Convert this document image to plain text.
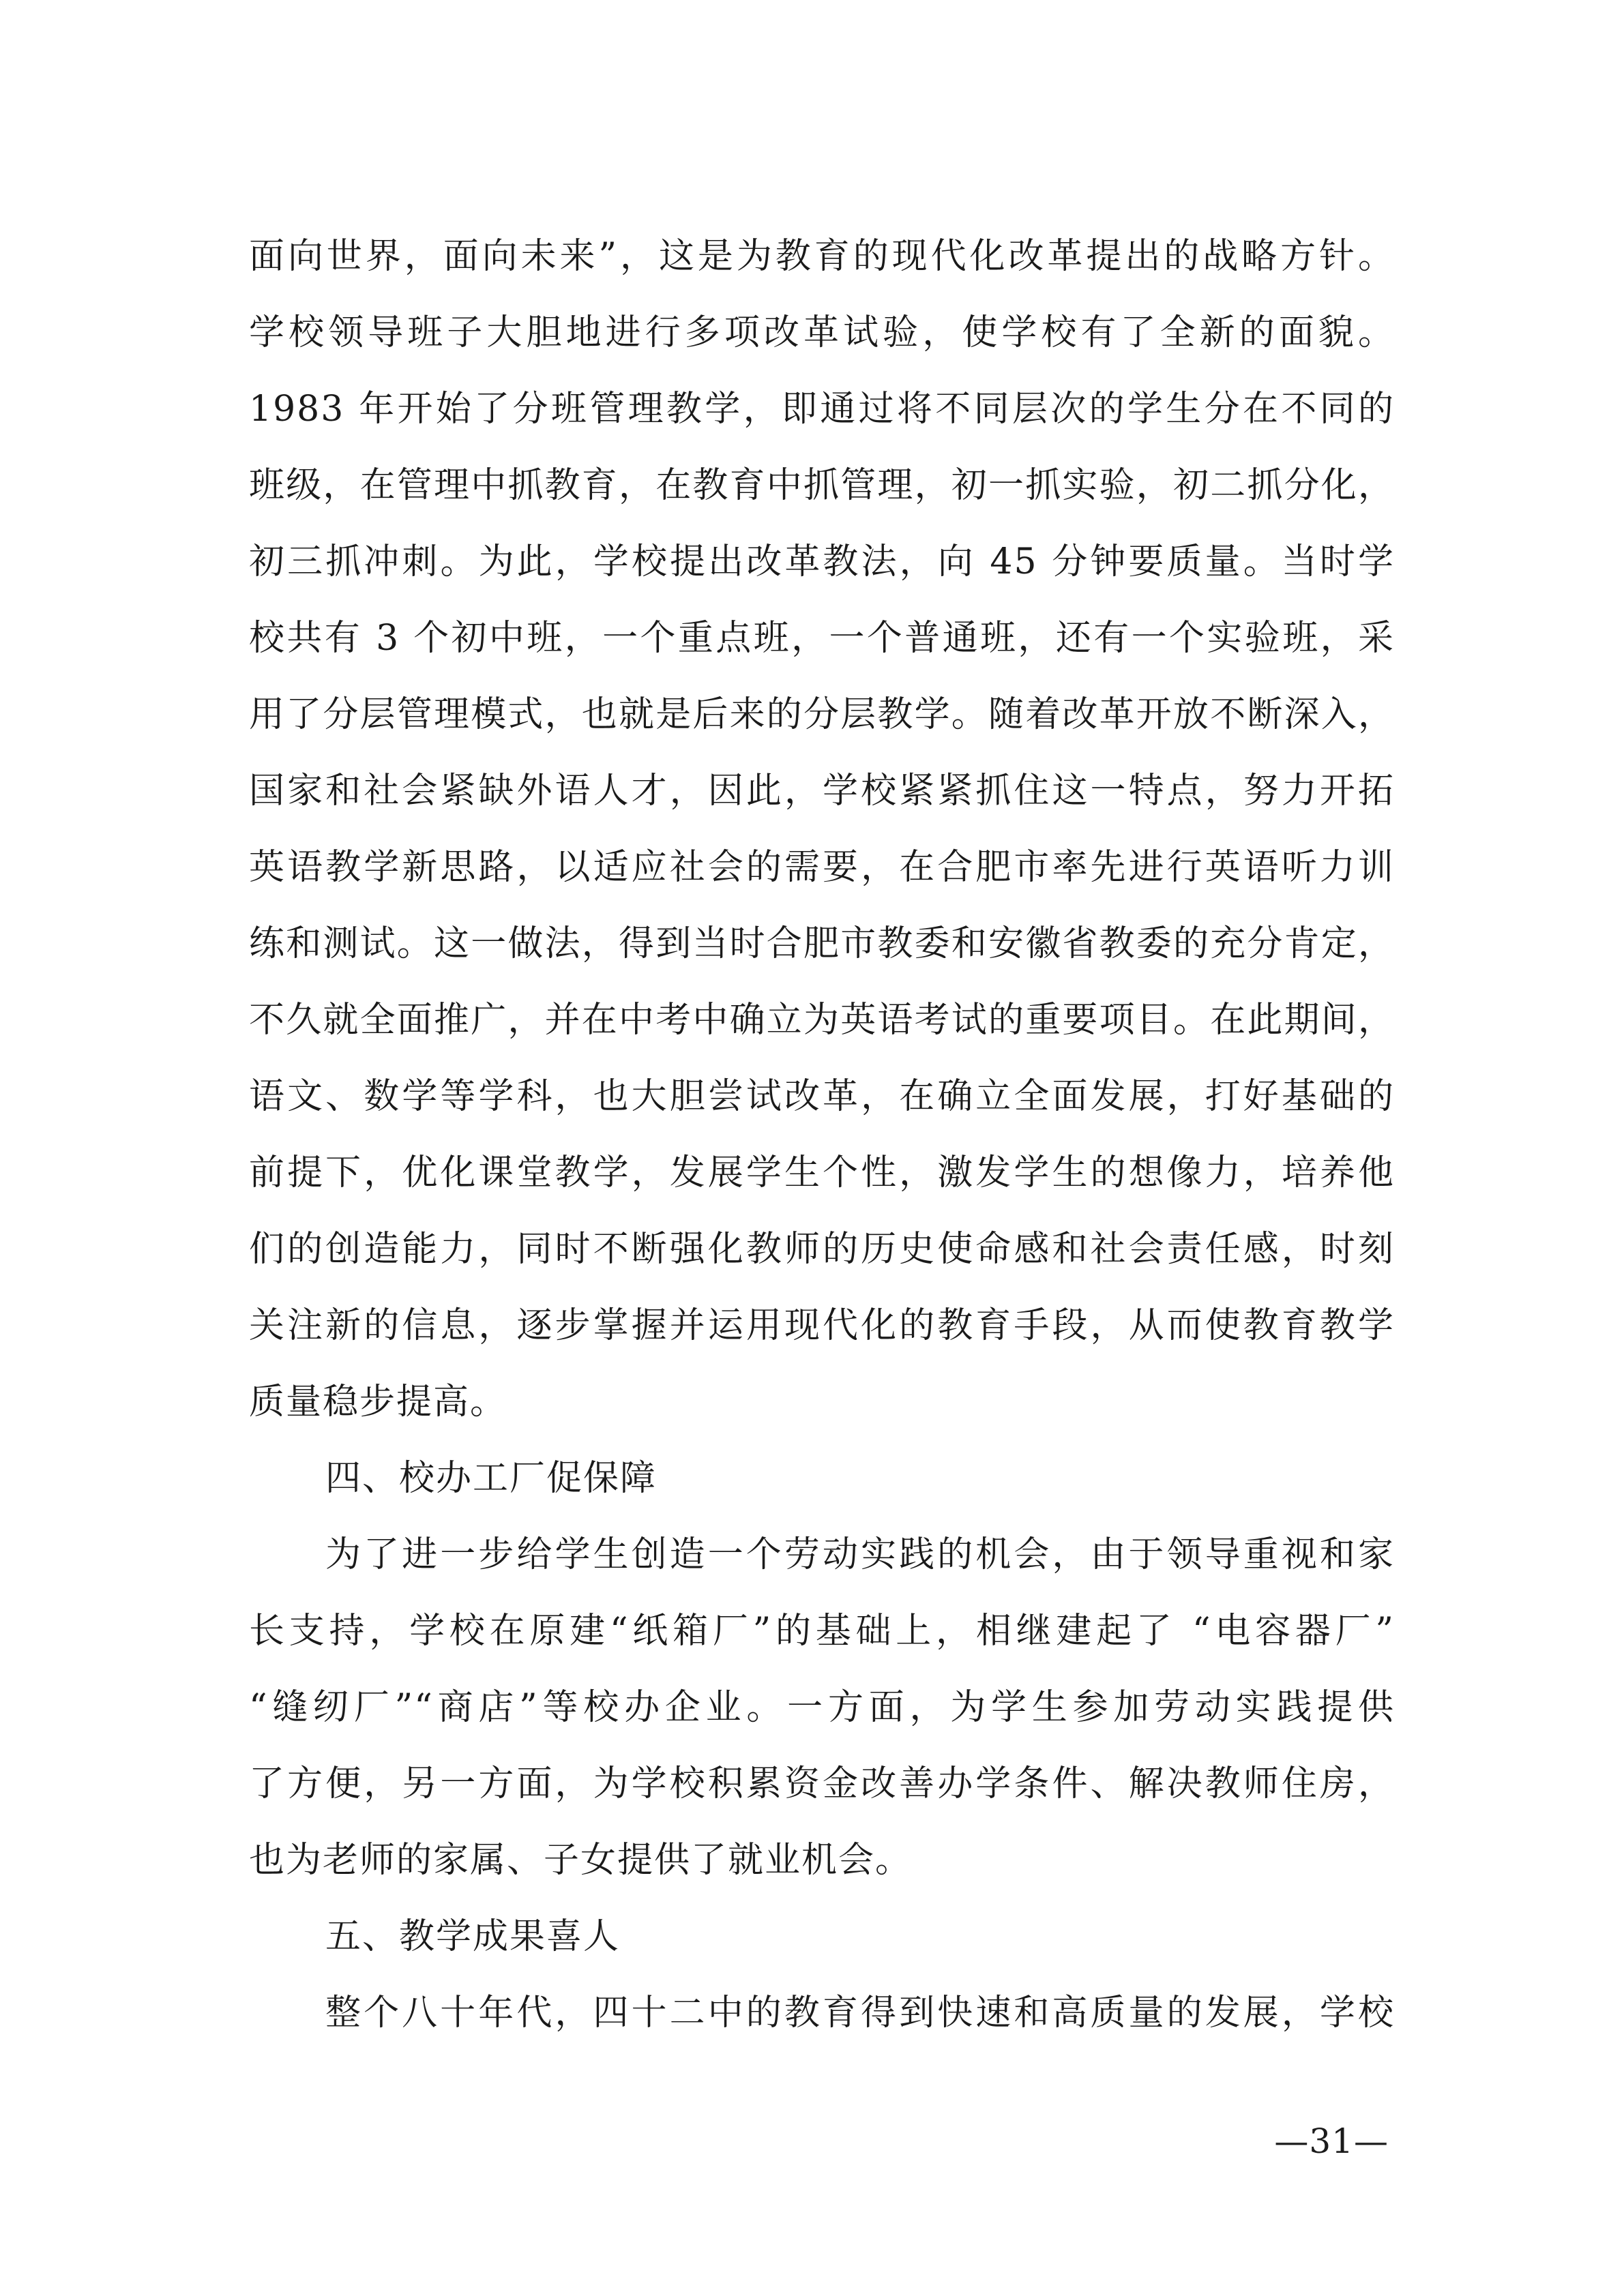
面向世界，面向未来”，这是为教育的现代化改革提出的战略方针。
学校领导班子大胆地进行多项改革试验，使学校有了全新的面貌。
1983 年开始了分班管理教学，即通过将不同层次的学生分在不同的
班级，在管理中抓教育，在教育中抓管理，初一抓实验，初二抓分化，
初三抓冲刺。为此，学校提出改革教法，向 45 分钟要质量。当时学
校共有 3 个初中班，一个重点班，一个普通班，还有一个实验班，采
用了分层管理模式，也就是后来的分层教学。随着改革开放不断深入，
国家和社会紧缺外语人才，因此，学校紧紧抓住这一特点，努力开拓
英语教学新思路，以适应社会的需要，在合肥市率先进行英语听力训
练和测试。这一做法，得到当时合肥市教委和安徽省教委的充分肯定，
不久就全面推广，并在中考中确立为英语考试的重要项目。在此期间，
语文、数学等学科，也大胆尝试改革，在确立全面发展，打好基础的
前提下，优化课堂教学，发展学生个性，激发学生的想像力，培养他
们的创造能力，同时不断强化教师的历史使命感和社会责任感，时刻
关注新的信息，逐步掌握并运用现代化的教育手段，从而使教育教学
质量稳步提高。
四、校办工厂促保障
为了进一步给学生创造一个劳动实践的机会，由于领导重视和家
长支持，学校在原建“纸箱厂”的基础上，相继建起了 “电容器厂”
“缝纫厂”“商店”等校办企业。一方面，为学生参加劳动实践提供
了方便，另一方面，为学校积累资金改善办学条件、解决教师住房，
也为老师的家属、子女提供了就业机会。
五、教学成果喜人
整个八十年代，四十二中的教育得到快速和高质量的发展，学校
—31—
